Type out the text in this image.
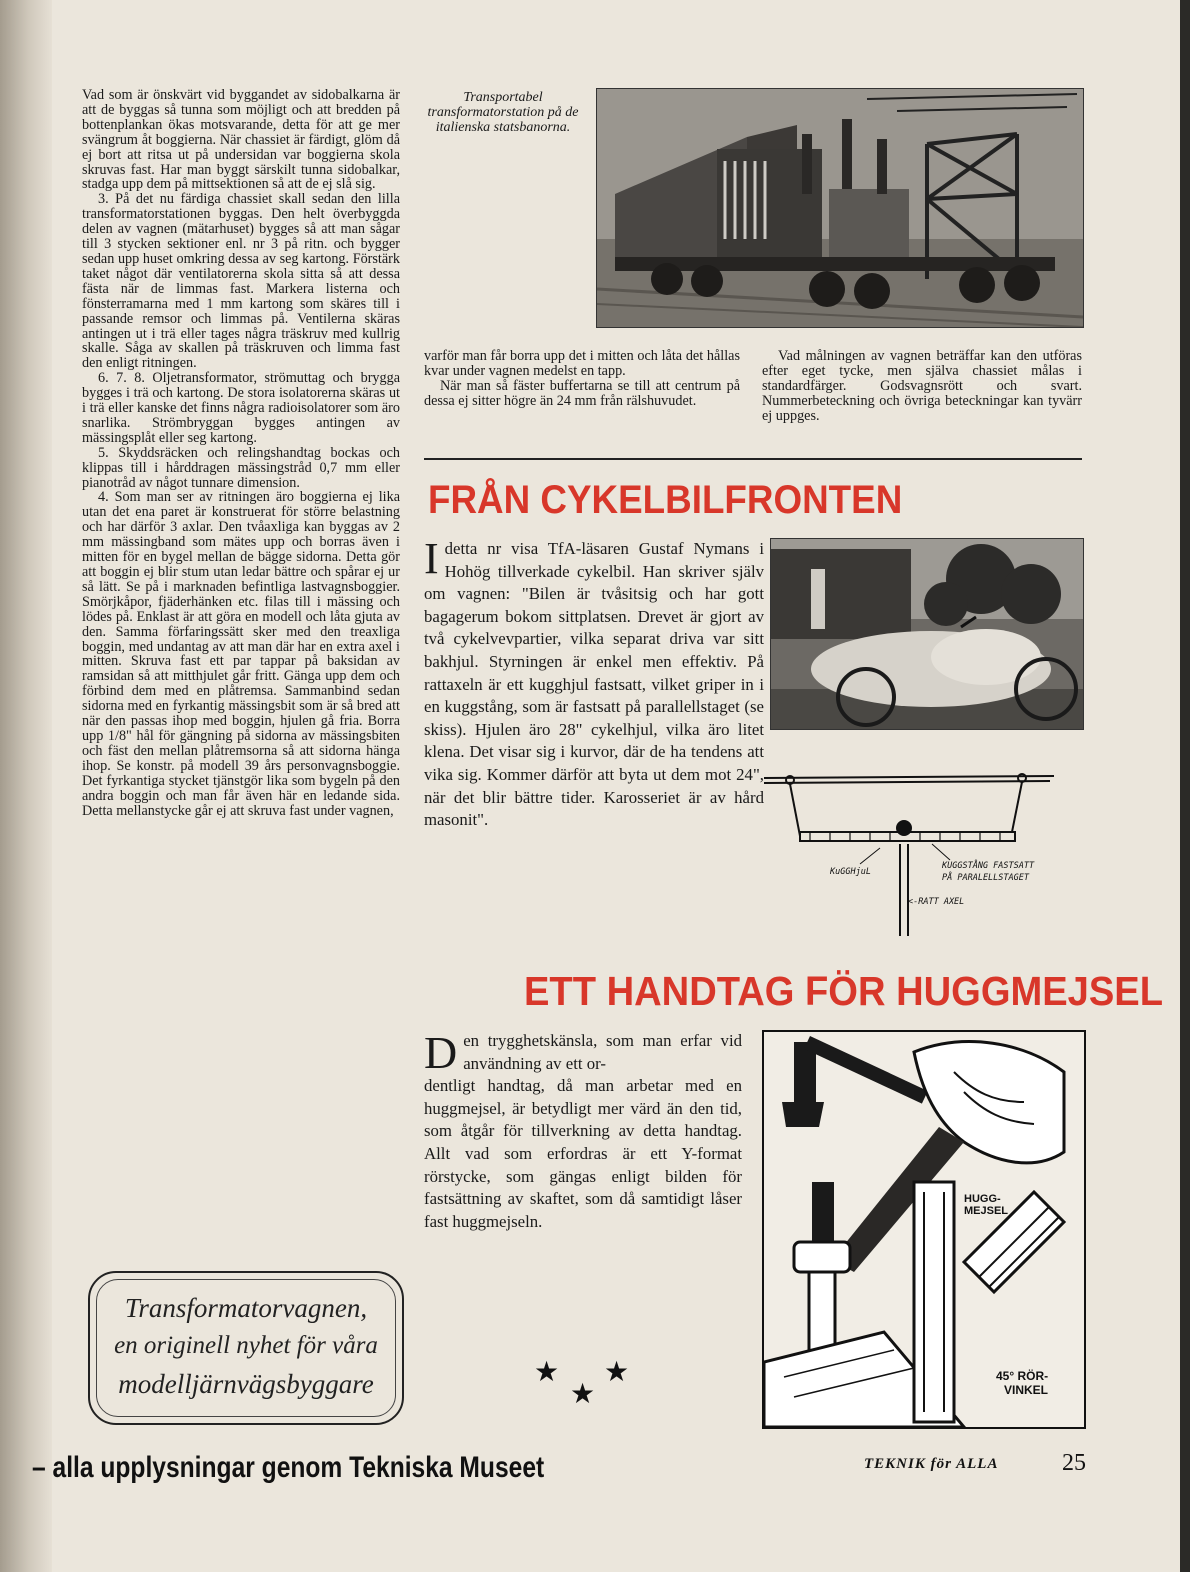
Vad som är önskvärt vid byggandet av sidobalkarna är att de byggas så tunna som möjligt och att bredden på bottenplankan ökas motsvarande, detta för att ge mer svängrum åt boggierna. När chassiet är färdigt, glöm då ej bort att ritsa ut på undersidan var boggierna skola skruvas fast. Har man byggt särskilt tunna sidobalkar, stadga upp dem på mittsektionen så att de ej slå sig.

3. På det nu färdiga chassiet skall sedan den lilla transformatorstationen byggas. Den helt överbyggda delen av vagnen (mätarhuset) bygges så att man sågar till 3 stycken sektioner enl. nr 3 på ritn. och bygger sedan upp huset omkring dessa av seg kartong. Förstärk taket något där ventilatorerna skola sitta så att dessa fästa när de limmas fast. Markera listerna och fönsterramarna med 1 mm kartong som skäres till i passande remsor och limmas på. Ventilerna skäras antingen ut i trä eller tages några träskruv med kullrig skalle. Såga av skallen på träskruven och limma fast den enligt ritningen.

6. 7. 8. Oljetransformator, strömuttag och brygga bygges i trä och kartong. De stora isolatorerna skäras ut i trä eller kanske det finns några radioisolatorer som äro snarlika. Strömbryggan bygges antingen av mässingsplåt eller seg kartong.

5. Skyddsräcken och relingshandtag bockas och klippas till i hårddragen mässingstråd 0,7 mm eller pianotråd av något tunnare dimension.

4. Som man ser av ritningen äro boggierna ej lika utan det ena paret är konstruerat för större belastning och har därför 3 axlar. Den tvåaxliga kan byggas av 2 mm mässingband som mätes upp och borras även i mitten för en bygel mellan de bägge sidorna. Detta gör att boggin ej blir stum utan ledar bättre och spårar ej ur så lätt. Se på i marknaden befintliga lastvagnsboggier. Smörjkåpor, fjäderhänken etc. filas till i mässing och lödes på. Enklast är att göra en modell och låta gjuta av den. Samma förfaringssätt sker med den treaxliga boggin, med undantag av att man där har en extra axel i mitten. Skruva fast ett par tappar på baksidan av ramsidan så att mitthjulet går fritt. Gänga upp dem och förbind dem med en plåtremsa. Sammanbind sedan sidorna med en fyrkantig mässingsbit som är så bred att när den passas ihop med boggin, hjulen gå fria. Borra upp 1/8" hål för gängning på sidorna av mässingsbiten och fäst den mellan plåtremsorna så att sidorna hänga ihop. Se konstr. på modell 39 års personvagnsboggie. Det fyrkantiga stycket tjänstgör lika som bygeln på den andra boggin och man får även här en ledande sida. Detta mellanstycke går ej att skruva fast under vagnen,

Transportabel transformatorstation på de italienska statsbanorna.

varför man får borra upp det i mitten och låta det hållas kvar under vagnen medelst en tapp.

När man så fäster buffertarna se till att centrum på dessa ej sitter högre än 24 mm från rälshuvudet.

Vad målningen av vagnen beträffar kan den utföras efter eget tycke, men själva chassiet målas i standardfärger. Godsvagnsrött och svart. Nummerbeteckning och övriga beteckningar kan tyvärr ej uppges.

FRÅN CYKELBILFRONTEN

Idetta nr visa TfA-läsaren Gustaf Nymans i Hohög tillverkade cykelbil. Han skriver själv om vagnen: "Bilen är tvåsitsig och har gott bagagerum bokom sittplatsen. Drevet är gjort av två cykelvevpartier, vilka separat driva var sitt bakhjul. Styrningen är enkel men effektiv. På rattaxeln är ett kugghjul fastsatt, vilket griper in i en kuggstång, som är fastsatt på parallellstaget (se skiss). Hjulen äro 28" cykelhjul, vilka äro litet klena. Det visar sig i kurvor, där de ha tendens att vika sig. Kommer därför att byta ut dem mot 24", när det blir bättre tider. Karosseriet är av hård masonit".

KuGGHjuL
KUGGSTÅNG FASTSATT
PÅ PARALELLSTAGET
<-RATT AXEL
ETT HANDTAG FÖR HUGGMEJSEL

Den trygghetskänsla, som man erfar vid användning av ett or-

dentligt handtag, då man arbetar med en huggmejsel, är betydligt mer värd än den tid, som åtgår för tillverkning av detta handtag. Allt vad som erfordras är ett Y-format rörstycke, som gängas enligt bilden för fastsättning av skaftet, som då samtidigt låser fast huggmejseln.

★ ★
★
HUGG-
MEJSEL
45° RÖR-
VINKEL
Transformatorvagnen,
en originell nyhet för våra
modelljärnvägsbyggare
– alla upplysningar genom Tekniska Museet	TEKNIK för ALLA	25
